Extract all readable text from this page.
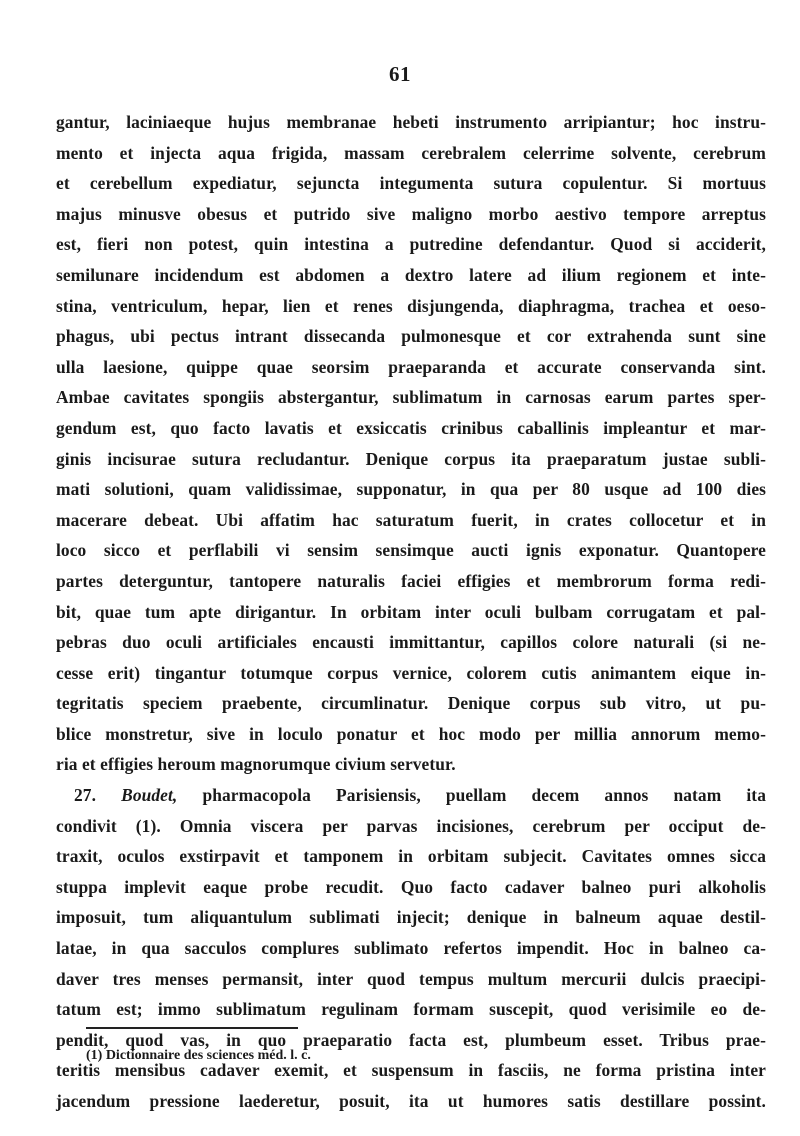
61
gantur, laciniaeque hujus membranae hebeti instrumento arripiantur; hoc instru-
mento et injecta aqua frigida, massam cerebralem celerrime solvente, cerebrum
et cerebellum expediatur, sejuncta integumenta sutura copulentur. Si mortuus
majus minusve obesus et putrido sive maligno morbo aestivo tempore arreptus
est, fieri non potest, quin intestina a putredine defendantur. Quod si acciderit,
semilunare incidendum est abdomen a dextro latere ad ilium regionem et inte-
stina, ventriculum, hepar, lien et renes disjungenda, diaphragma, trachea et oeso-
phagus, ubi pectus intrant dissecanda pulmonesque et cor extrahenda sunt sine
ulla laesione, quippe quae seorsim praeparanda et accurate conservanda sint.
Ambae cavitates spongiis abstergantur, sublimatum in carnosas earum partes sper-
gendum est, quo facto lavatis et exsiccatis crinibus caballinis impleantur et mar-
ginis incisurae sutura recludantur. Denique corpus ita praeparatum justae subli-
mati solutioni, quam validissimae, supponatur, in qua per 80 usque ad 100 dies
macerare debeat. Ubi affatim hac saturatum fuerit, in crates collocetur et in
loco sicco et perflabili vi sensim sensimque aucti ignis exponatur. Quantopere
partes deterguntur, tantopere naturalis faciei effigies et membrorum forma redi-
bit, quae tum apte dirigantur. In orbitam inter oculi bulbam corrugatam et pal-
pebras duo oculi artificiales encausti immittantur, capillos colore naturali (si ne-
cesse erit) tingantur totumque corpus vernice, colorem cutis animantem eique in-
tegritatis speciem praebente, circumlinatur. Denique corpus sub vitro, ut pu-
blice monstretur, sive in loculo ponatur et hoc modo per millia annorum memo-
ria et effigies heroum magnorumque civium servetur.
27. Boudet, pharmacopola Parisiensis, puellam decem annos natam ita
condivit (1). Omnia viscera per parvas incisiones, cerebrum per occiput de-
traxit, oculos exstirpavit et tamponem in orbitam subjecit. Cavitates omnes sicca
stuppa implevit eaque probe recudit. Quo facto cadaver balneo puri alkoholis
imposuit, tum aliquantulum sublimati injecit; denique in balneum aquae destil-
latae, in qua sacculos complures sublimato refertos impendit. Hoc in balneo ca-
daver tres menses permansit, inter quod tempus multum mercurii dulcis praecipi-
tatum est; immo sublimatum regulinam formam suscepit, quod verisimile eo de-
pendit, quod vas, in quo praeparatio facta est, plumbeum esset. Tribus prae-
teritis mensibus cadaver exemit, et suspensum in fasciis, ne forma pristina inter
jacendum pressione laederetur, posuit, ita ut humores satis destillare possint.
(1) Dictionnaire des sciences méd. l. c.
